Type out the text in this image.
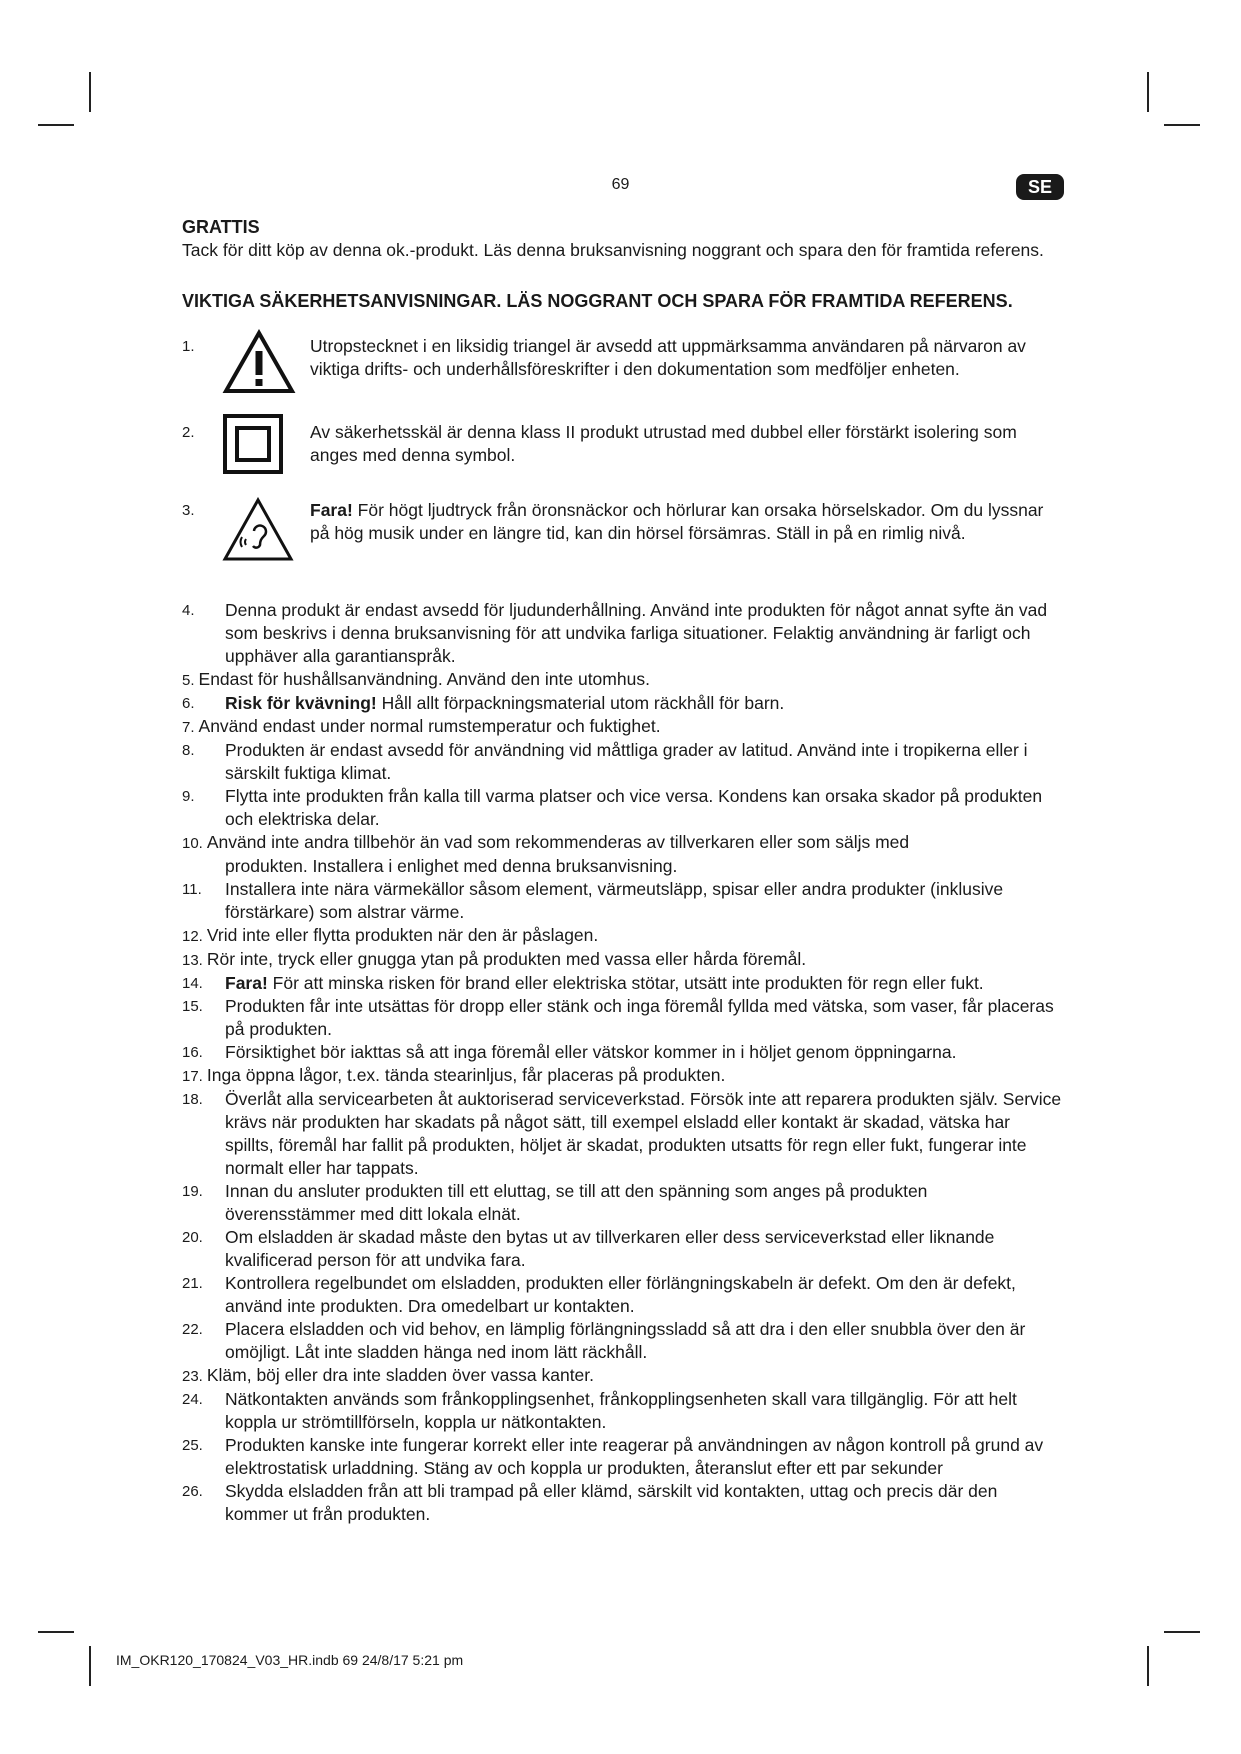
69	SE
GRATTIS

Tack för ditt köp av denna ok.-produkt. Läs denna bruksanvisning noggrant och spara den för framtida referens.

VIKTIGA SÄKERHETSANVISNINGAR. LÄS NOGGRANT OCH SPARA FÖR FRAMTIDA REFERENS.
1.	Utropstecknet i en liksidig triangel är avsedd att uppmärksamma användaren på närvaron av viktiga drifts- och underhållsföreskrifter i den dokumentation som medföljer enheten.
2.	Av säkerhetsskäl är denna klass II produkt utrustad med dubbel eller förstärkt isolering som anges med denna symbol.
3.	Fara! För högt ljudtryck från öronsnäckor och hörlurar kan orsaka hörselskador. Om du lyssnar på hög musik under en längre tid, kan din hörsel försämras. Ställ in på en rimlig nivå.
4. Denna produkt är endast avsedd för ljudunderhållning. Använd inte produkten för något annat syfte än vad som beskrivs i denna bruksanvisning för att undvika farliga situationer. Felaktig användning är farligt och upphäver alla garantianspråk.
5. Endast för hushållsanvändning. Använd den inte utomhus.
6. Risk för kvävning! Håll allt förpackningsmaterial utom räckhåll för barn.
7. Använd endast under normal rumstemperatur och fuktighet.
8. Produkten är endast avsedd för användning vid måttliga grader av latitud. Använd inte i tropikerna eller i särskilt fuktiga klimat.
9. Flytta inte produkten från kalla till varma platser och vice versa. Kondens kan orsaka skador på produkten och elektriska delar.
10. Använd inte andra tillbehör än vad som rekommenderas av tillverkaren eller som säljs med
produkten. Installera i enlighet med denna bruksanvisning.
11. Installera inte nära värmekällor såsom element, värmeutsläpp, spisar eller andra produkter (inklusive förstärkare) som alstrar värme.
12. Vrid inte eller flytta produkten när den är påslagen.
13. Rör inte, tryck eller gnugga ytan på produkten med vassa eller hårda föremål.
14. Fara! För att minska risken för brand eller elektriska stötar, utsätt inte produkten för regn eller fukt.
15. Produkten får inte utsättas för dropp eller stänk och inga föremål fyllda med vätska, som vaser, får placeras på produkten.
16. Försiktighet bör iakttas så att inga föremål eller vätskor kommer in i höljet genom öppningarna.
17. Inga öppna lågor, t.ex. tända stearinljus, får placeras på produkten.
18. Överlåt alla servicearbeten åt auktoriserad serviceverkstad. Försök inte att reparera produkten själv. Service krävs när produkten har skadats på något sätt, till exempel elsladd eller kontakt är skadad, vätska har spillts, föremål har fallit på produkten, höljet är skadat, produkten utsatts för regn eller fukt, fungerar inte normalt eller har tappats.
19. Innan du ansluter produkten till ett eluttag, se till att den spänning som anges på produkten överensstämmer med ditt lokala elnät.
20. Om elsladden är skadad måste den bytas ut av tillverkaren eller dess serviceverkstad eller liknande kvalificerad person för att undvika fara.
21. Kontrollera regelbundet om elsladden, produkten eller förlängningskabeln är defekt. Om den är defekt, använd inte produkten. Dra omedelbart ur kontakten.
22. Placera elsladden och vid behov, en lämplig förlängningssladd så att dra i den eller snubbla över den är omöjligt. Låt inte sladden hänga ned inom lätt räckhåll.
23. Kläm, böj eller dra inte sladden över vassa kanter.
24. Nätkontakten används som frånkopplingsenhet, frånkopplingsenheten skall vara tillgänglig. För att helt koppla ur strömtillförseln, koppla ur nätkontakten.
25. Produkten kanske inte fungerar korrekt eller inte reagerar på användningen av någon kontroll på grund av elektrostatisk urladdning. Stäng av och koppla ur produkten, återanslut efter ett par sekunder
26. Skydda elsladden från att bli trampad på eller klämd, särskilt vid kontakten, uttag och precis där den kommer ut från produkten.
IM_OKR120_170824_V03_HR.indb 69 24/8/17 5:21 pm
